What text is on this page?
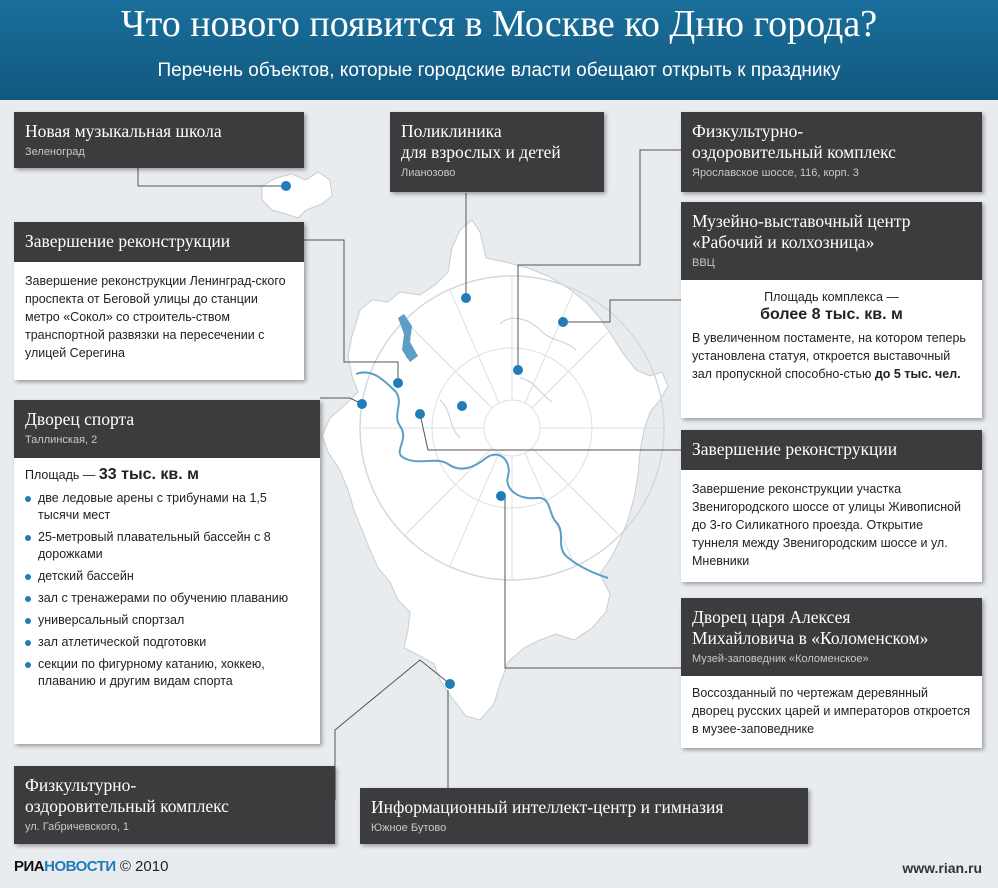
Что нового появится в Москве ко Дню города?
Перечень объектов, которые городские власти обещают открыть к празднику
Новая музыкальная школа
Зеленоград
Поликлиника
для взрослых и детей
Лианозово
Физкультурно-
оздоровительный комплекс
Ярославское шоссе, 116, корп. 3
Музейно-выставочный центр
«Рабочий и колхозница»
ВВЦ
Площадь комплекса —
более 8 тыс. кв. м
В увеличенном постаменте, на котором теперь установлена статуя, откроется выставочный зал пропускной способно-стью до 5 тыс. чел.
Завершение реконструкции
Завершение реконструкции Ленинград-ского проспекта от Беговой улицы до станции метро «Сокол» со строитель-ством транспортной развязки на пересечении с улицей Серегина
Дворец спорта
Таллинская, 2
Площадь — 33 тыс. кв. м
две ледовые арены с трибунами на 1,5 тысячи мест
25-метровый плавательный бассейн с 8 дорожками
детский бассейн
зал с тренажерами по обучению плаванию
универсальный спортзал
зал атлетической подготовки
секции по фигурному катанию, хоккею, плаванию и другим видам спорта
Завершение реконструкции
Завершение реконструкции участка Звенигородского шоссе от улицы Живописной до 3-го Силикатного проезда. Открытие туннеля между Звенигородским шоссе и ул. Мневники
Дворец царя Алексея
Михайловича в «Коломенском»
Музей-заповедник «Коломенское»
Воссозданный по чертежам деревянный дворец русских царей и императоров откроется в музее-заповеднике
Физкультурно-
оздоровительный комплекс
ул. Габричевского, 1
Информационный интеллект-центр и гимназия
Южное Бутово
РИАНОВОСТИ © 2010	www.rian.ru
